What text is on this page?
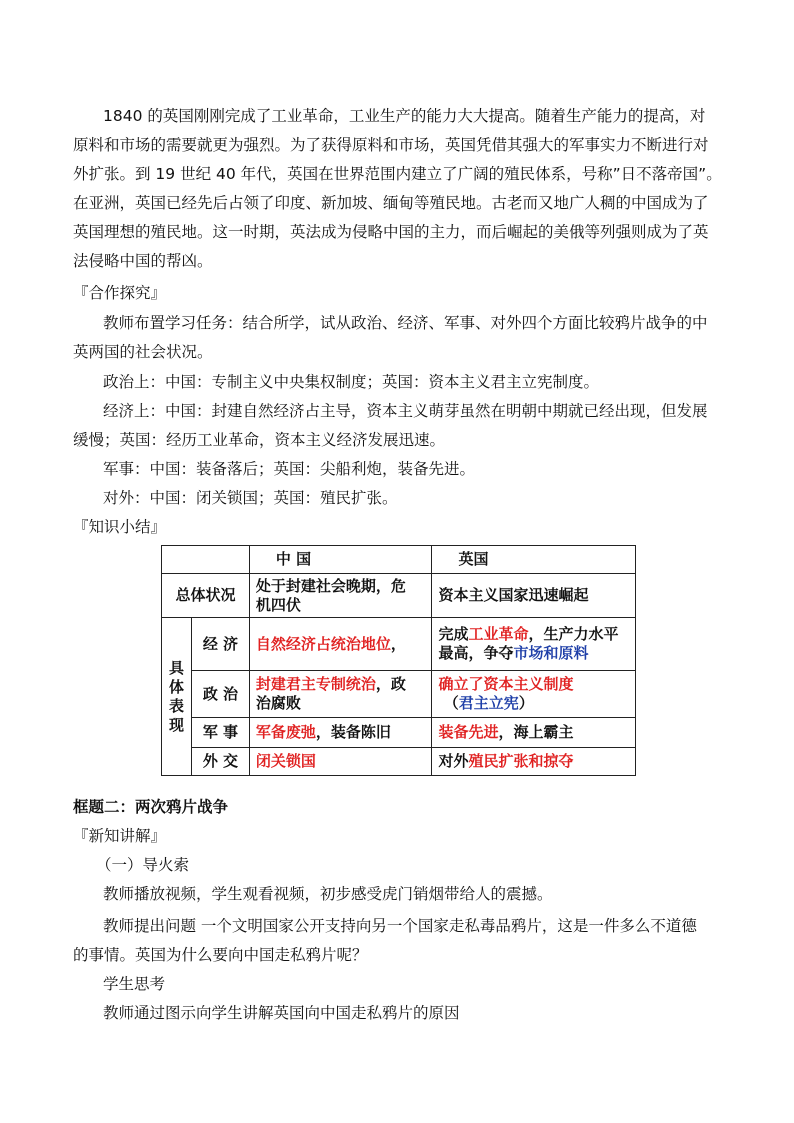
1840 的英国刚刚完成了工业革命，工业生产的能力大大提高。随着生产能力的提高，对
原料和市场的需要就更为强烈。为了获得原料和市场，英国凭借其强大的军事实力不断进行对
外扩张。到 19 世纪 40 年代，英国在世界范围内建立了广阔的殖民体系，号称”日不落帝国”。
在亚洲，英国已经先后占领了印度、新加坡、缅甸等殖民地。古老而又地广人稠的中国成为了
英国理想的殖民地。这一时期，英法成为侵略中国的主力，而后崛起的美俄等列强则成为了英
法侵略中国的帮凶。
『合作探究』
教师布置学习任务：结合所学，试从政治、经济、军事、对外四个方面比较鸦片战争的中
英两国的社会状况。
政治上：中国：专制主义中央集权制度；英国：资本主义君主立宪制度。
经济上：中国：封建自然经济占主导，资本主义萌芽虽然在明朝中期就已经出现，但发展
缓慢；英国：经历工业革命，资本主义经济发展迅速。
军事：中国：装备落后；英国：尖船利炮，装备先进。
对外：中国：闭关锁国；英国：殖民扩张。
『知识小结』
		中 国	英国
总体状况		处于封建社会晚期，危
机四伏	资本主义国家迅速崛起
具
体
表
现	经 济	自然经济占统治地位，	完成工业革命，生产力水平
最高，争夺市场和原料
	政 治	封建君主专制统治，政
治腐败	确立了资本主义制度
（君主立宪）
	军 事	军备废弛，装备陈旧	装备先进，海上霸主
	外 交	闭关锁国	对外殖民扩张和掠夺
框题二：两次鸦片战争
『新知讲解』
（一）导火索
教师播放视频，学生观看视频，初步感受虎门销烟带给人的震撼。
教师提出问题 一个文明国家公开支持向另一个国家走私毒品鸦片，这是一件多么不道德
的事情。英国为什么要向中国走私鸦片呢？
学生思考
教师通过图示向学生讲解英国向中国走私鸦片的原因
